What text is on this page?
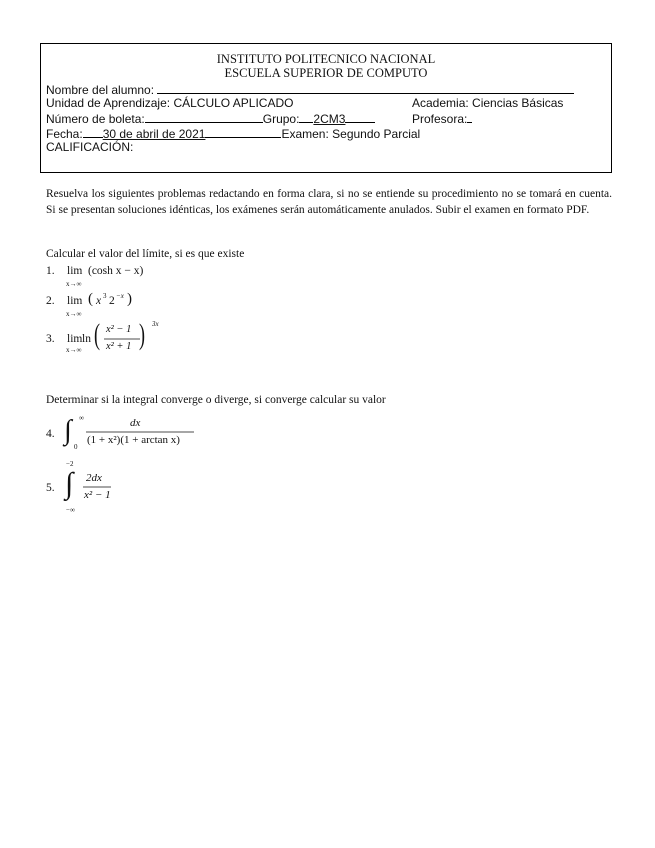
INSTITUTO POLITECNICO NACIONAL
ESCUELA SUPERIOR DE COMPUTO
Nombre del alumno:
Unidad de Aprendizaje: CÁLCULO APLICADO	Academia: Ciencias Básicas
Número de boleta:	Grupo: 2CM3	Profesora:
Fecha: 30 de abril de 2021	Examen: Segundo Parcial
CALIFICACIÓN:
Resuelva los siguientes problemas redactando en forma clara, si no se entiende su procedimiento no se tomará en cuenta. Si se presentan soluciones idénticas, los exámenes serán automáticamente anulados. Subir el examen en formato PDF.
Calcular el valor del límite, si es que existe
1. lim
x→∞
(cosh x − x)
2. lim
x→∞
( x 3 2 −x )
3. lim
x→∞
ln ( x² − 1
x² + 1 ) 3x
Determinar si la integral converge o diverge, si converge calcular su valor
4. ∫ ∞
0
dx
(1 + x²)(1 + arctan x)
5.
−2
∫
−∞
2dx
x² − 1
